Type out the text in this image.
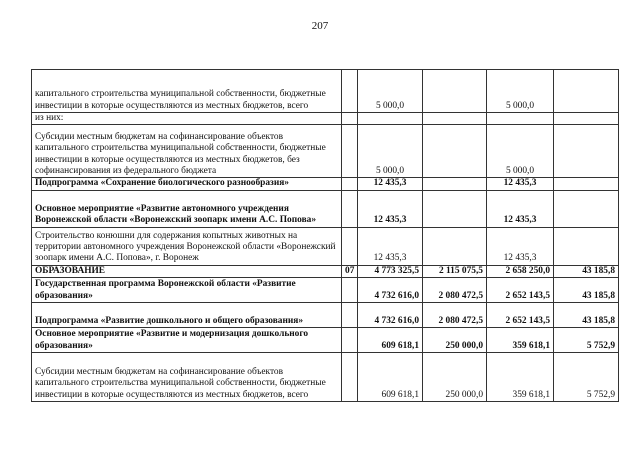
207
капитального строительства муниципальной собственности, бюджетные инвестиции в которые осуществляются из местных бюджетов, всего		5 000,0		5 000,0	
из них:					
Субсидии местным бюджетам на софинансирование объектов капитального строительства муниципальной собственности, бюджетные инвестиции в которые осуществляются из местных бюджетов, без софинансирования из федерального бюджета		5 000,0		5 000,0	
Подпрограмма «Сохранение биологического разнообразия»		12 435,3		12 435,3	
Основное мероприятие «Развитие автономного учреждения Воронежской области «Воронежский зоопарк имени А.С. Попова»		12 435,3		12 435,3	
Строительство конюшни для содержания копытных животных на территории автономного учреждения Воронежской области «Воронежский зоопарк имени А.С. Попова», г. Воронеж		12 435,3		12 435,3	
ОБРАЗОВАНИЕ	07	4 773 325,5	2 115 075,5	2 658 250,0	43 185,8
Государственная программа Воронежской области «Развитие образования»		4 732 616,0	2 080 472,5	2 652 143,5	43 185,8
Подпрограмма «Развитие дошкольного и общего образования»		4 732 616,0	2 080 472,5	2 652 143,5	43 185,8
Основное мероприятие «Развитие и модернизация дошкольного образования»		609 618,1	250 000,0	359 618,1	5 752,9
Субсидии местным бюджетам на софинансирование объектов капитального строительства муниципальной собственности, бюджетные инвестиции в которые осуществляются из местных бюджетов, всего		609 618,1	250 000,0	359 618,1	5 752,9
